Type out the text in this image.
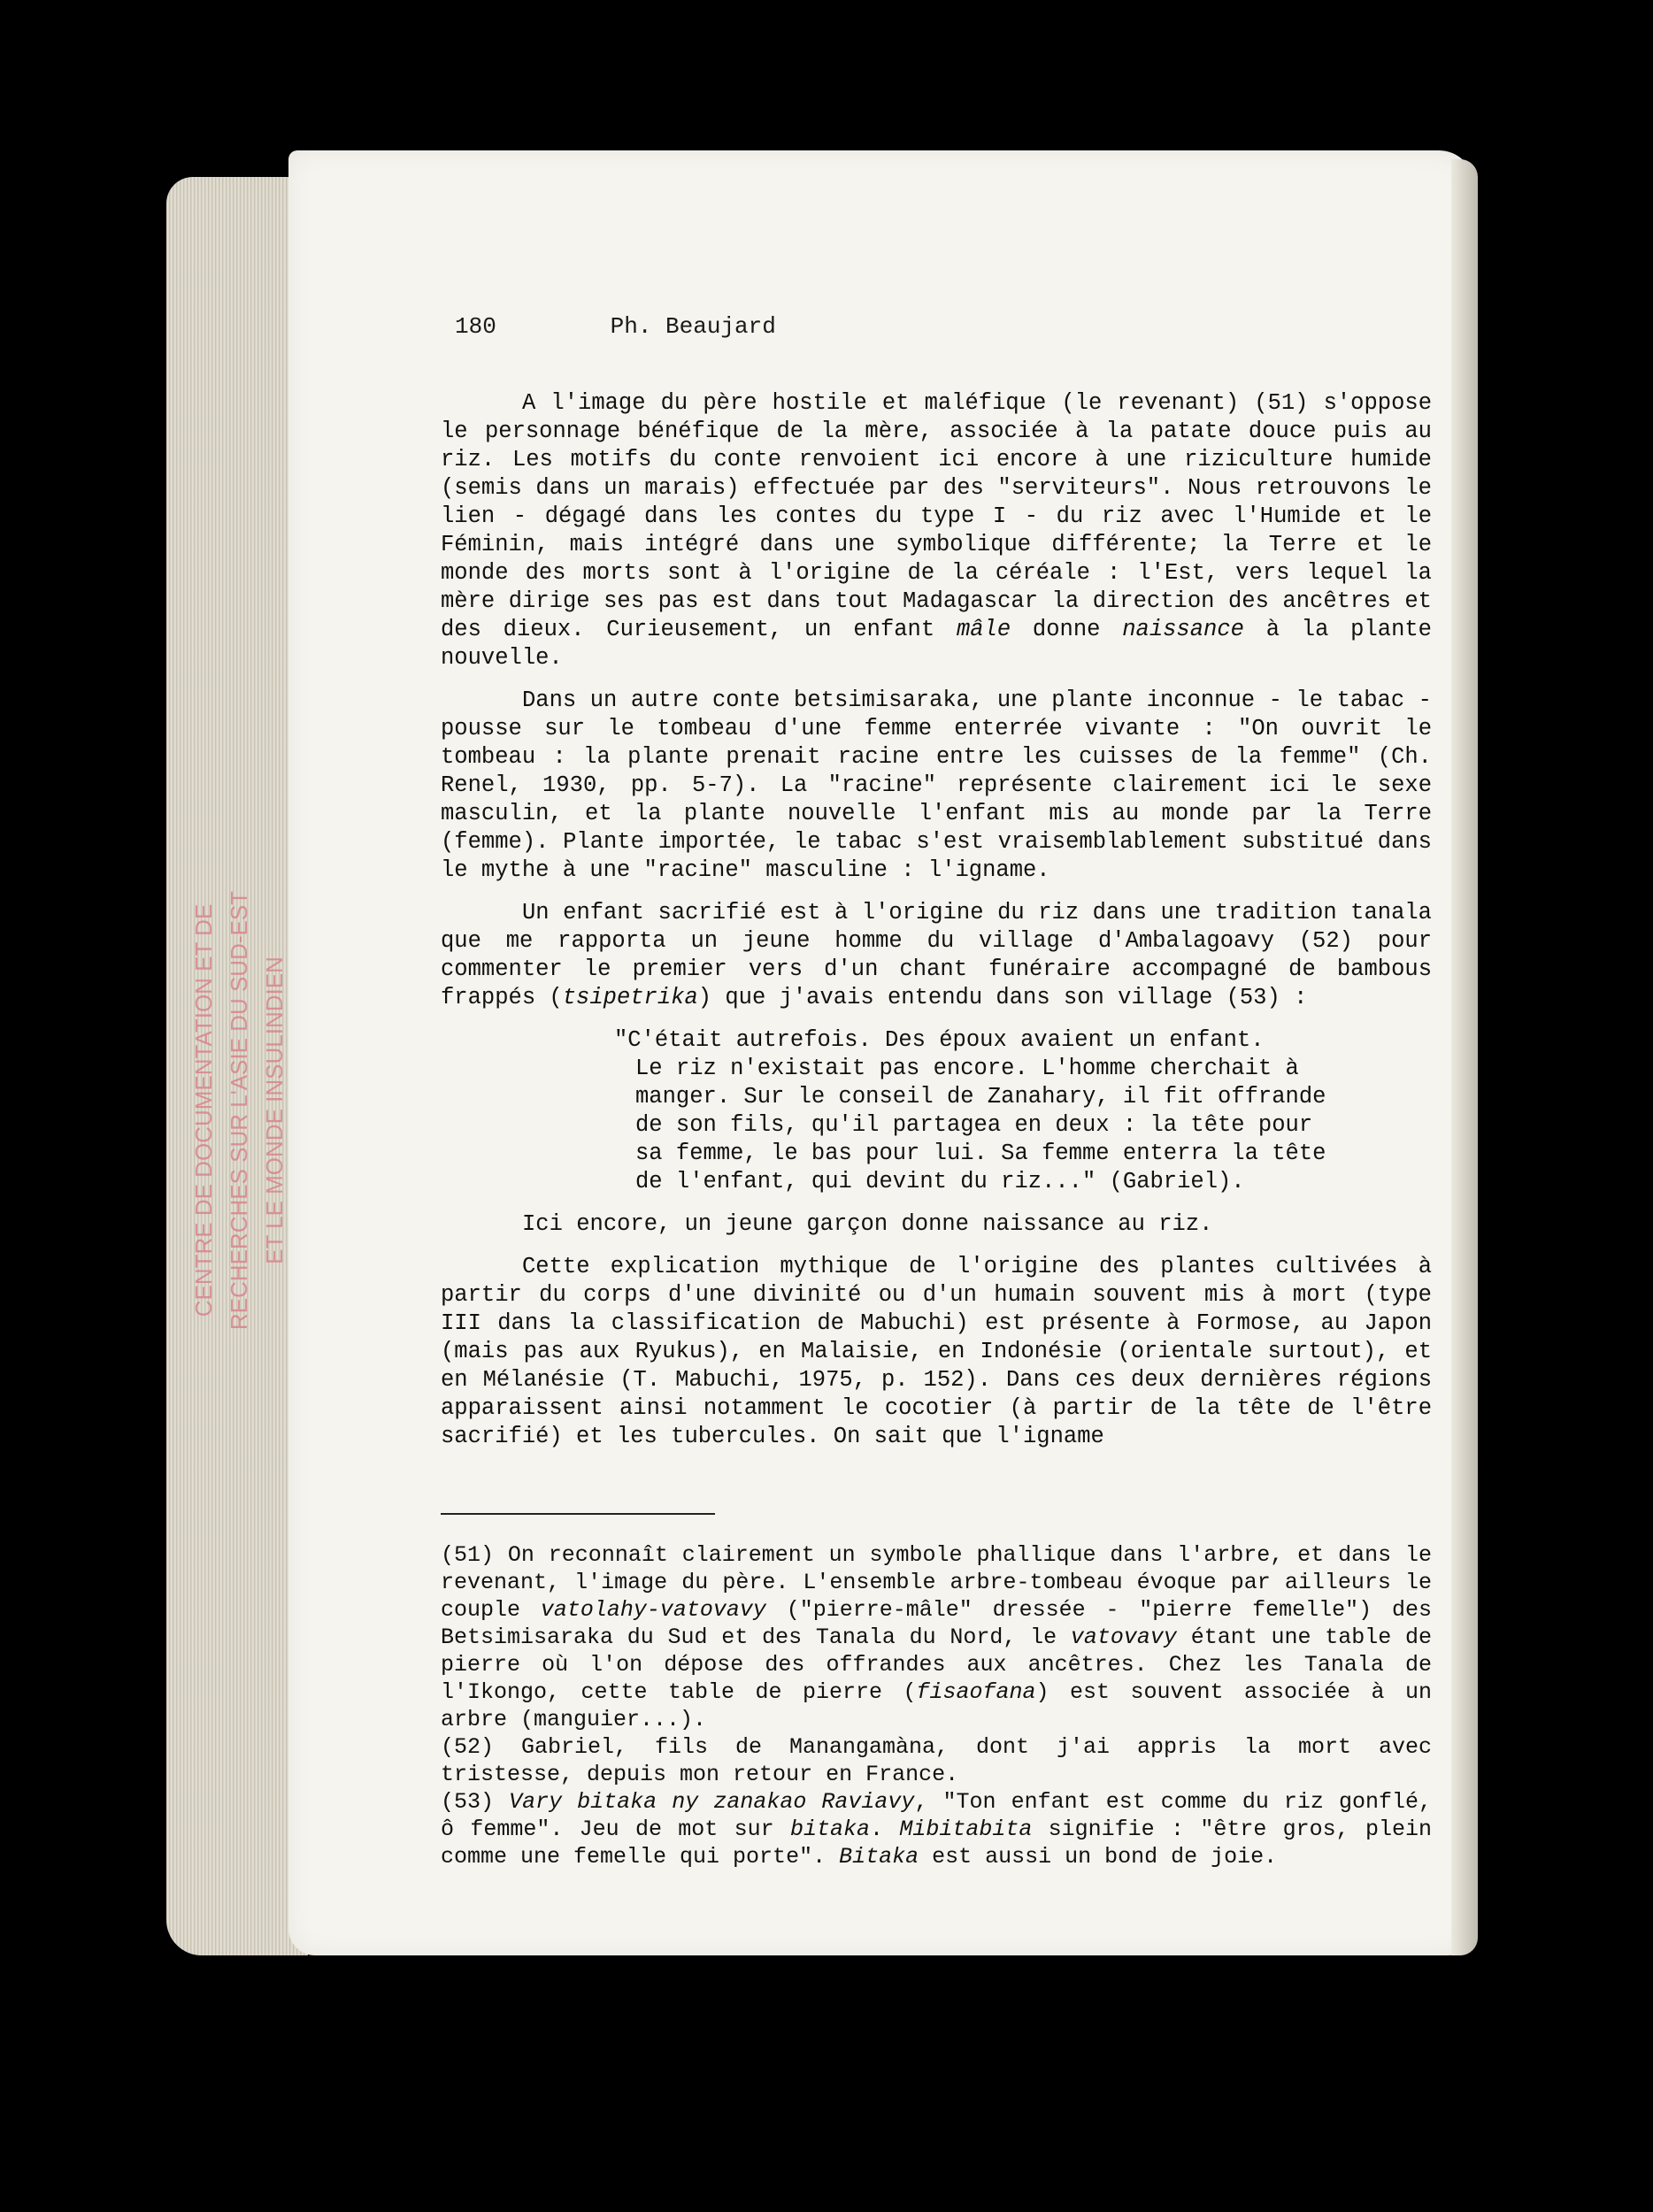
CENTRE DE DOCUMENTATION ET DE RECHERCHES SUR L'ASIE DU SUD-EST ET LE MONDE INSULINDIEN
180	Ph. Beaujard

A l'image du père hostile et maléfique (le revenant) (51) s'oppose le personnage bénéfique de la mère, associée à la patate douce puis au riz. Les motifs du conte renvoient ici encore à une riziculture humide (semis dans un marais) effectuée par des "serviteurs". Nous retrouvons le lien - dégagé dans les contes du type I - du riz avec l'Humide et le Féminin, mais intégré dans une symbolique différente; la Terre et le monde des morts sont à l'origine de la céréale : l'Est, vers lequel la mère dirige ses pas est dans tout Madagascar la direction des ancêtres et des dieux. Curieusement, un enfant mâle donne naissance à la plante nouvelle.

Dans un autre conte betsimisaraka, une plante inconnue - le tabac - pousse sur le tombeau d'une femme enterrée vivante : "On ouvrit le tombeau : la plante prenait racine entre les cuisses de la femme" (Ch. Renel, 1930, pp. 5-7). La "racine" représente clairement ici le sexe masculin, et la plante nouvelle l'enfant mis au monde par la Terre (femme). Plante importée, le tabac s'est vraisemblablement substitué dans le mythe à une "racine" masculine : l'igname.

Un enfant sacrifié est à l'origine du riz dans une tradition tanala que me rapporta un jeune homme du village d'Ambalagoavy (52) pour commenter le premier vers d'un chant funéraire accompagné de bambous frappés (tsipetrika) que j'avais entendu dans son village (53) :

"C'était autrefois. Des époux avaient un enfant.
Le riz n'existait pas encore. L'homme cherchait à
manger. Sur le conseil de Zanahary, il fit offrande
de son fils, qu'il partagea en deux : la tête pour
sa femme, le bas pour lui. Sa femme enterra la tête
de l'enfant, qui devint du riz..." (Gabriel).

Ici encore, un jeune garçon donne naissance au riz.

Cette explication mythique de l'origine des plantes cultivées à partir du corps d'une divinité ou d'un humain souvent mis à mort (type III dans la classification de Mabuchi) est présente à Formose, au Japon (mais pas aux Ryukus), en Malaisie, en Indonésie (orientale surtout), et en Mélanésie (T. Mabuchi, 1975, p. 152). Dans ces deux dernières régions apparaissent ainsi notamment le cocotier (à partir de la tête de l'être sacrifié) et les tubercules. On sait que l'igname

(51) On reconnaît clairement un symbole phallique dans l'arbre, et dans le revenant, l'image du père. L'ensemble arbre-tombeau évoque par ailleurs le couple vatolahy-vatovavy ("pierre-mâle" dressée - "pierre femelle") des Betsimisaraka du Sud et des Tanala du Nord, le vatovavy étant une table de pierre où l'on dépose des offrandes aux ancêtres. Chez les Tanala de l'Ikongo, cette table de pierre (fisaofana) est souvent associée à un arbre (manguier...).

(52) Gabriel, fils de Manangamàna, dont j'ai appris la mort avec tristesse, depuis mon retour en France.

(53) Vary bitaka ny zanakao Raviavy, "Ton enfant est comme du riz gonflé, ô femme". Jeu de mot sur bitaka. Mibitabita signifie : "être gros, plein comme une femelle qui porte". Bitaka est aussi un bond de joie.
